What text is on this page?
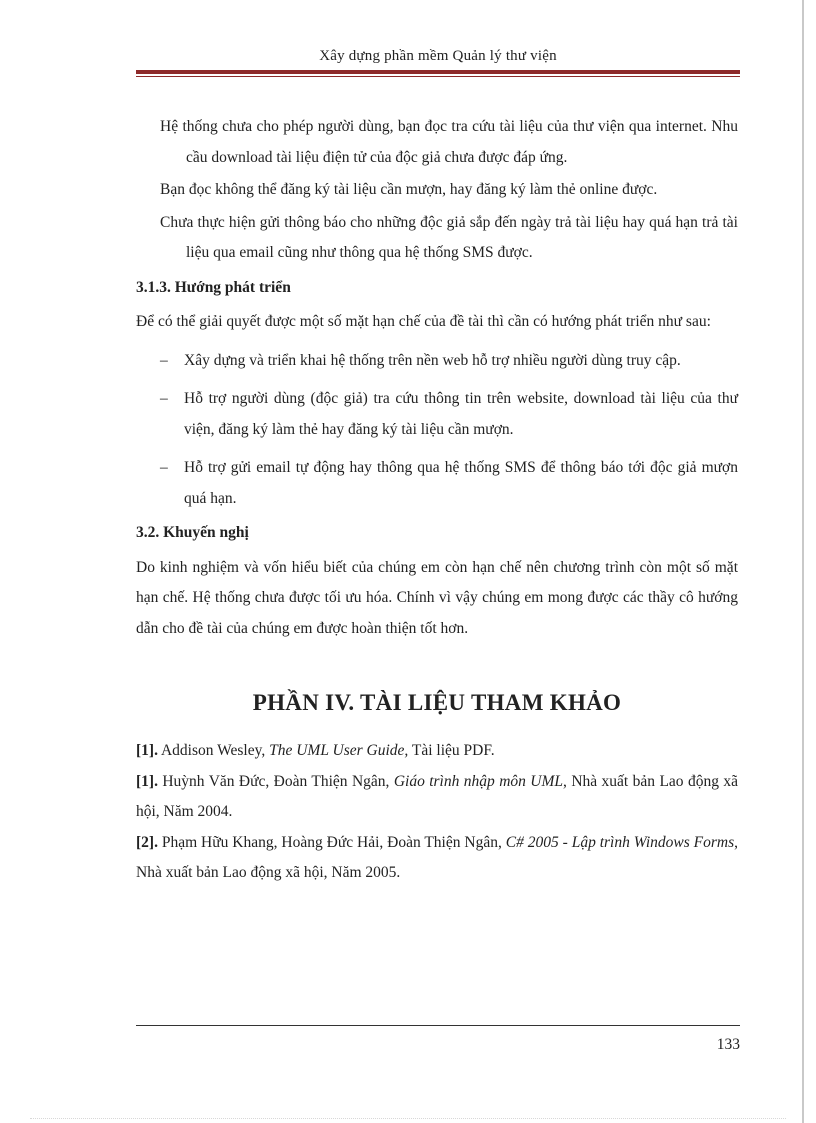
Xây dựng phần mềm Quản lý thư viện

Hệ thống chưa cho phép người dùng, bạn đọc tra cứu tài liệu của thư viện qua internet. Nhu cầu download tài liệu điện tử của độc giả chưa được đáp ứng.

Bạn đọc không thể đăng ký tài liệu cần mượn, hay đăng ký làm thẻ online được.

Chưa thực hiện gửi thông báo cho những độc giả sắp đến ngày trả tài liệu hay quá hạn trả tài liệu qua email cũng như thông qua hệ thống SMS được.

3.1.3. Hướng phát triển

Để có thể giải quyết được một số mặt hạn chế của đề tài thì cần có hướng phát triển như sau:

– Xây dựng và triển khai hệ thống trên nền web hỗ trợ nhiều người dùng truy cập.

– Hỗ trợ người dùng (độc giả) tra cứu thông tin trên website, download tài liệu của thư viện, đăng ký làm thẻ hay đăng ký tài liệu cần mượn.

– Hỗ trợ gửi email tự động hay thông qua hệ thống SMS để thông báo tới độc giả mượn quá hạn.

3.2. Khuyến nghị

Do kinh nghiệm và vốn hiểu biết của chúng em còn hạn chế nên chương trình còn một số mặt hạn chế. Hệ thống chưa được tối ưu hóa. Chính vì vậy chúng em mong được các thầy cô hướng dẫn cho đề tài của chúng em được hoàn thiện tốt hơn.

PHẦN IV. TÀI LIỆU THAM KHẢO

[1]. Addison Wesley, The UML User Guide, Tài liệu PDF.

[1]. Huỳnh Văn Đức, Đoàn Thiện Ngân, Giáo trình nhập môn UML, Nhà xuất bản Lao động xã hội, Năm 2004.

[2]. Phạm Hữu Khang, Hoàng Đức Hải, Đoàn Thiện Ngân, C# 2005 - Lập trình Windows Forms, Nhà xuất bản Lao động xã hội, Năm 2005.

133
